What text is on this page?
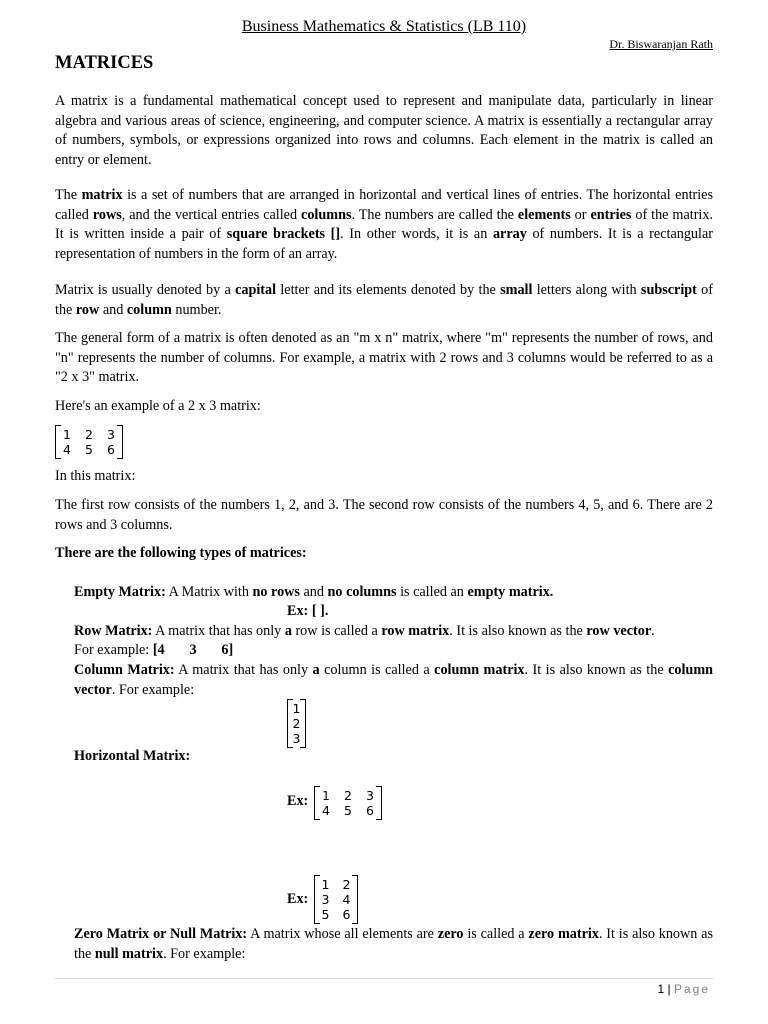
Business Mathematics & Statistics (LB 110)
Dr. Biswaranjan Rath
MATRICES

A matrix is a fundamental mathematical concept used to represent and manipulate data, particularly in linear algebra and various areas of science, engineering, and computer science. A matrix is essentially a rectangular array of numbers, symbols, or expressions organized into rows and columns. Each element in the matrix is called an entry or element.

The matrix is a set of numbers that are arranged in horizontal and vertical lines of entries. The horizontal entries called rows, and the vertical entries called columns. The numbers are called the elements or entries of the matrix. It is written inside a pair of square brackets []. In other words, it is an array of numbers. It is a rectangular representation of numbers in the form of an array.

Matrix is usually denoted by a capital letter and its elements denoted by the small letters along with subscript of the row and column number.

The general form of a matrix is often denoted as an "m x n" matrix, where "m" represents the number of rows, and "n" represents the number of columns. For example, a matrix with 2 rows and 3 columns would be referred to as a "2 x 3" matrix.

Here's an example of a 2 x 3 matrix:

1	2	3
4	5	6

In this matrix:

The first row consists of the numbers 1, 2, and 3. The second row consists of the numbers 4, 5, and 6. There are 2 rows and 3 columns.

There are the following types of matrices:

Empty Matrix: A Matrix with no rows and no columns is called an empty matrix.

Ex: [ ].

Row Matrix: A matrix that has only a row is called a row matrix. It is also known as the row vector.

For example: [4       3       6]

Column Matrix: A matrix that has only a column is called a column matrix. It is also known as the column vector. For example:

1
2
3

Horizontal Matrix:

Ex:	1	2	3
4	5	6
Ex:
1	2
3	4
5	6

Zero Matrix or Null Matrix: A matrix whose all elements are zero is called a zero matrix. It is also known as the null matrix. For example:

1 | Page
